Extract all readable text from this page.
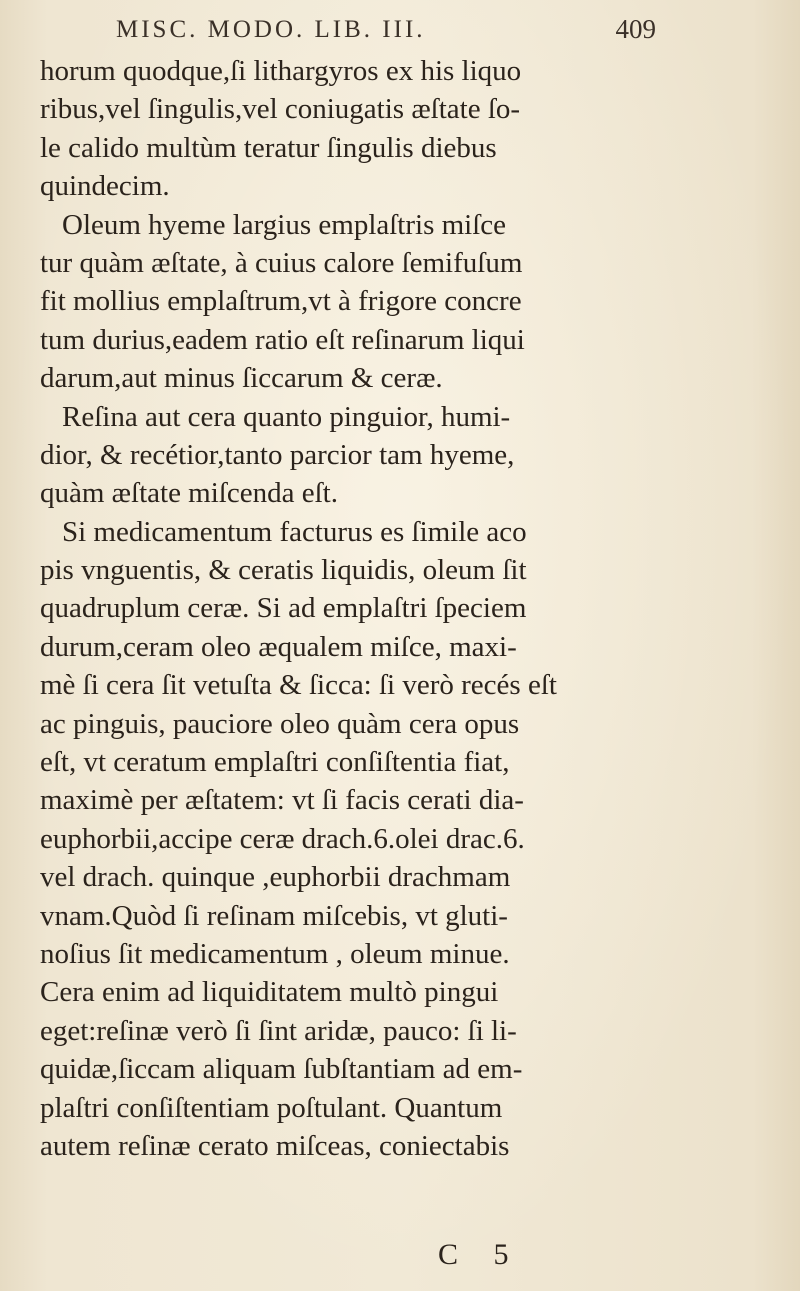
MISC. MODO. LIB. III.	409
horum quodque,ſi lithargyros ex his liquo
ribus,vel ſingulis,vel coniugatis æſtate ſo-
le calido multùm teratur ſingulis diebus
quindecim.
Oleum hyeme largius emplaſtris miſce
tur quàm æſtate, à cuius calore ſemifuſum
fit mollius emplaſtrum,vt à frigore concre
tum durius,eadem ratio eſt reſinarum liqui
darum,aut minus ſiccarum & ceræ.
Reſina aut cera quanto pinguior, humi-
dior, & recétior,tanto parcior tam hyeme,
quàm æſtate miſcenda eſt.
Si medicamentum facturus es ſimile aco
pis vnguentis, & ceratis liquidis, oleum ſit
quadruplum ceræ. Si ad emplaſtri ſpeciem
durum,ceram oleo æqualem miſce, maxi-
mè ſi cera ſit vetuſta & ſicca: ſi verò recés eſt
ac pinguis, pauciore oleo quàm cera opus
eſt, vt ceratum emplaſtri conſiſtentia fiat,
maximè per æſtatem: vt ſi facis cerati dia-
euphorbii,accipe ceræ drach.6.olei drac.6.
vel drach. quinque ,euphorbii drachmam
vnam.Quòd ſi reſinam miſcebis, vt gluti-
noſius ſit medicamentum , oleum minue.
Cera enim ad liquiditatem multò pingui
eget:reſinæ verò ſi ſint aridæ, pauco: ſi li-
quidæ,ſiccam aliquam ſubſtantiam ad em-
plaſtri conſiſtentiam poſtulant. Quantum
autem reſinæ cerato miſceas, coniectabis
C 5
